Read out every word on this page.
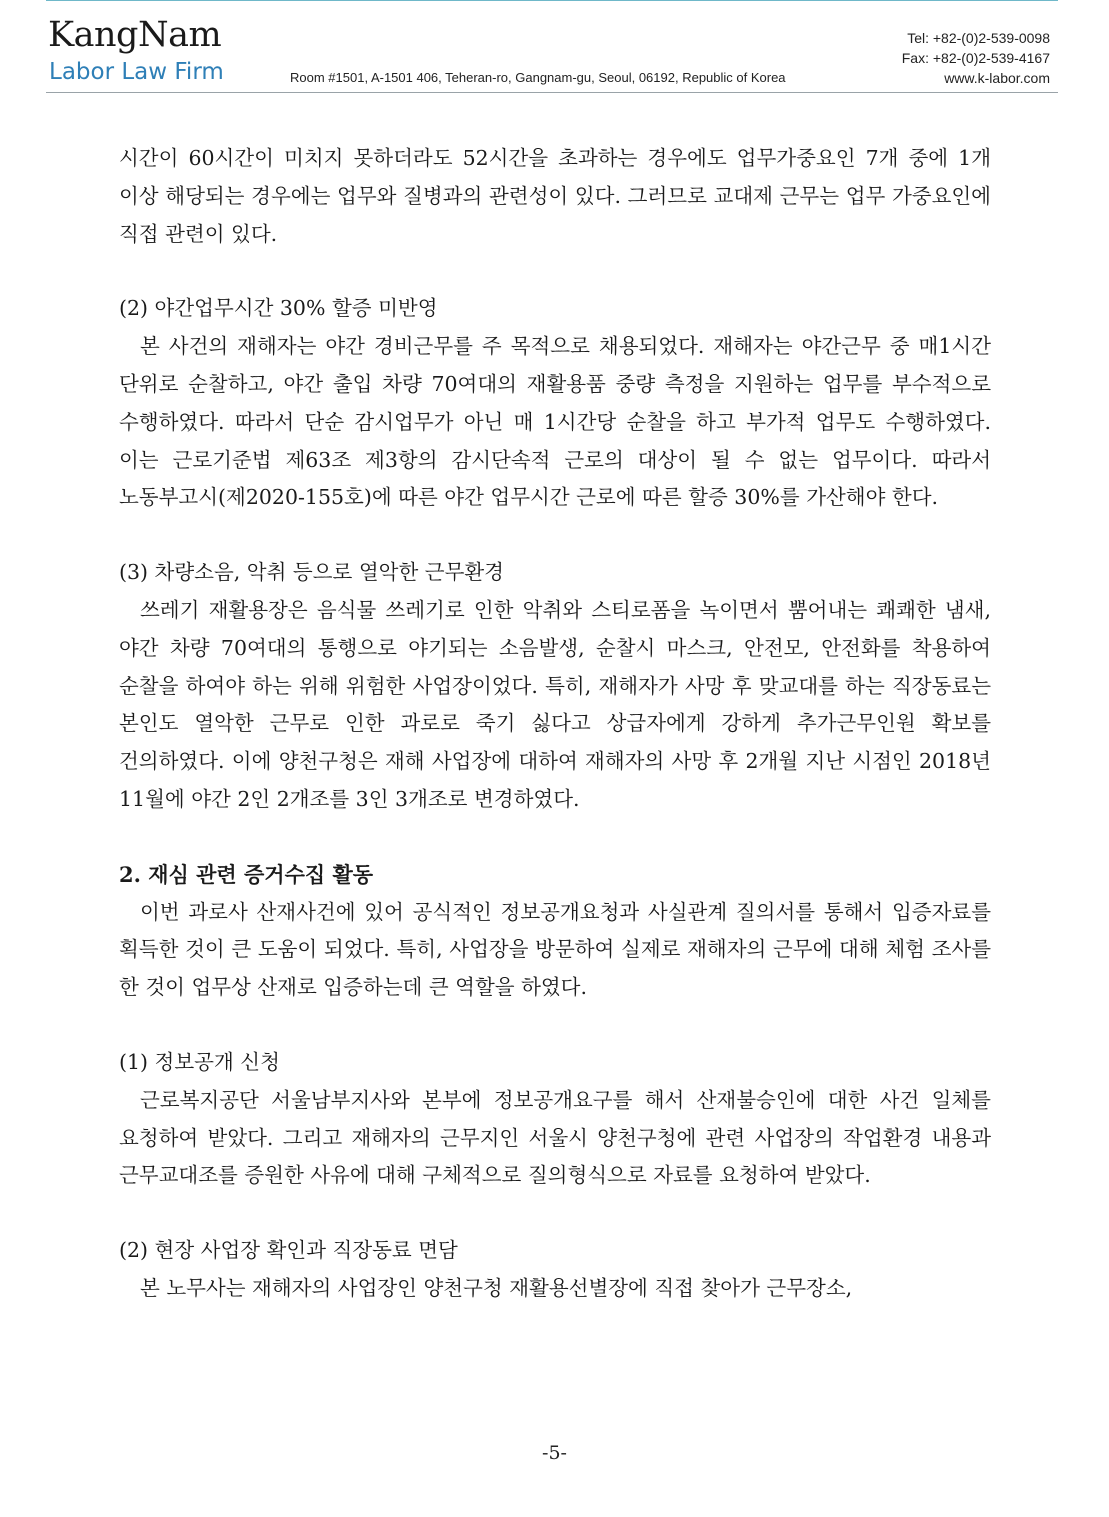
KangNam
Labor Law Firm	Room #1501, A-1501 406, Teheran-ro, Gangnam-gu, Seoul, 06192, Republic of Korea
Tel: +82-(0)2-539-0098
Fax: +82-(0)2-539-4167
www.k-labor.com

시간이 60시간이 미치지 못하더라도 52시간을 초과하는 경우에도 업무가중요인 7개 중에 1개 이상 해당되는 경우에는 업무와 질병과의 관련성이 있다. 그러므로 교대제 근무는 업무 가중요인에 직접 관련이 있다.

(2) 야간업무시간 30% 할증 미반영

본 사건의 재해자는 야간 경비근무를 주 목적으로 채용되었다. 재해자는 야간근무 중 매1시간 단위로 순찰하고, 야간 출입 차량 70여대의 재활용품 중량 측정을 지원하는 업무를 부수적으로 수행하였다. 따라서 단순 감시업무가 아닌 매 1시간당 순찰을 하고 부가적 업무도 수행하였다. 이는 근로기준법 제63조 제3항의 감시단속적 근로의 대상이 될 수 없는 업무이다. 따라서 노동부고시(제2020-155호)에 따른 야간 업무시간 근로에 따른 할증 30%를 가산해야 한다.

(3) 차량소음, 악취 등으로 열악한 근무환경

쓰레기 재활용장은 음식물 쓰레기로 인한 악취와 스티로폼을 녹이면서 뿜어내는 쾌쾌한 냄새, 야간 차량 70여대의 통행으로 야기되는 소음발생, 순찰시 마스크, 안전모, 안전화를 착용하여 순찰을 하여야 하는 위해 위험한 사업장이었다. 특히, 재해자가 사망 후 맞교대를 하는 직장동료는 본인도 열악한 근무로 인한 과로로 죽기 싫다고 상급자에게 강하게 추가근무인원 확보를 건의하였다. 이에 양천구청은 재해 사업장에 대하여 재해자의 사망 후 2개월 지난 시점인 2018년 11월에 야간 2인 2개조를 3인 3개조로 변경하였다.

2. 재심 관련 증거수집 활동

이번 과로사 산재사건에 있어 공식적인 정보공개요청과 사실관계 질의서를 통해서 입증자료를 획득한 것이 큰 도움이 되었다. 특히, 사업장을 방문하여 실제로 재해자의 근무에 대해 체험 조사를 한 것이 업무상 산재로 입증하는데 큰 역할을 하였다.

(1) 정보공개 신청

근로복지공단 서울남부지사와 본부에 정보공개요구를 해서 산재불승인에 대한 사건 일체를 요청하여 받았다. 그리고 재해자의 근무지인 서울시 양천구청에 관련 사업장의 작업환경 내용과 근무교대조를 증원한 사유에 대해 구체적으로 질의형식으로 자료를 요청하여 받았다.

(2) 현장 사업장 확인과 직장동료 면담

본 노무사는 재해자의 사업장인 양천구청 재활용선별장에 직접 찾아가 근무장소,

-5-
